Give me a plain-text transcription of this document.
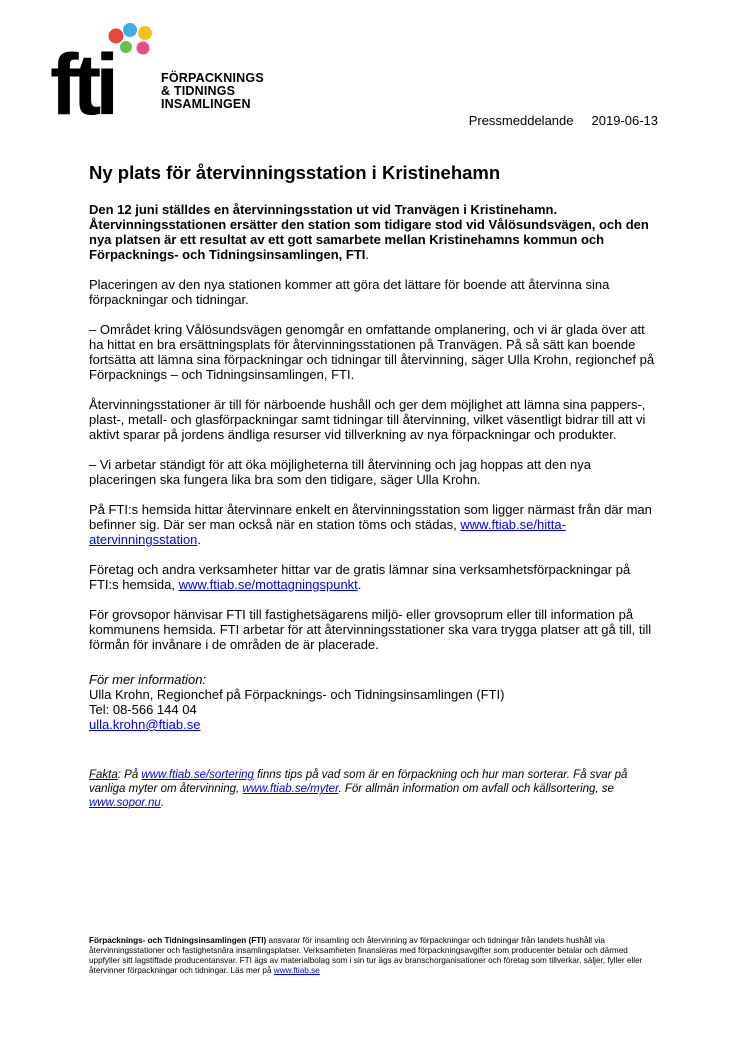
fti	FÖRPACKNINGS
& TIDNINGS
INSAMLINGEN
Pressmeddelande 2019-06-13
Ny plats för återvinningsstation i Kristinehamn

Den 12 juni ställdes en återvinningsstation ut vid Tranvägen i Kristinehamn. Återvinningsstationen ersätter den station som tidigare stod vid Vålösundsvägen, och den nya platsen är ett resultat av ett gott samarbete mellan Kristinehamns kommun och Förpacknings- och Tidningsinsamlingen, FTI.

Placeringen av den nya stationen kommer att göra det lättare för boende att återvinna sina förpackningar och tidningar.

– Området kring Vålösundsvägen genomgår en omfattande omplanering, och vi är glada över att ha hittat en bra ersättningsplats för återvinningsstationen på Tranvägen. På så sätt kan boende fortsätta att lämna sina förpackningar och tidningar till återvinning, säger Ulla Krohn, regionchef på Förpacknings – och Tidningsinsamlingen, FTI.

Återvinningsstationer är till för närboende hushåll och ger dem möjlighet att lämna sina pappers-, plast-, metall- och glasförpackningar samt tidningar till återvinning, vilket väsentligt bidrar till att vi aktivt sparar på jordens ändliga resurser vid tillverkning av nya förpackningar och produkter.

– Vi arbetar ständigt för att öka möjligheterna till återvinning och jag hoppas att den nya placeringen ska fungera lika bra som den tidigare, säger Ulla Krohn.

På FTI:s hemsida hittar återvinnare enkelt en återvinningsstation som ligger närmast från där man befinner sig. Där ser man också när en station töms och städas, www.ftiab.se/hitta-atervinningsstation.

Företag och andra verksamheter hittar var de gratis lämnar sina verksamhetsförpackningar på FTI:s hemsida, www.ftiab.se/mottagningspunkt.

För grovsopor hänvisar FTI till fastighetsägarens miljö- eller grovsoprum eller till information på kommunens hemsida. FTI arbetar för att återvinningsstationer ska vara trygga platser att gå till, till förmån för invånare i de områden de är placerade.

För mer information:
Ulla Krohn, Regionchef på Förpacknings- och Tidningsinsamlingen (FTI)
Tel: 08-566 144 04
ulla.krohn@ftiab.se
Fakta: På www.ftiab.se/sortering finns tips på vad som är en förpackning och hur man sorterar. Få svar på vanliga myter om återvinning, www.ftiab.se/myter. För allmän information om avfall och källsortering, se www.sopor.nu.
Förpacknings- och Tidningsinsamlingen (FTI) ansvarar för insamling och återvinning av förpackningar och tidningar från landets hushåll via återvinningsstationer och fastighetsnära insamlingsplatser. Verksamheten finansieras med förpackningsavgifter som producenter betalar och därmed uppfyller sitt lagstiftade producentansvar. FTI ägs av materialbolag som i sin tur ägs av branschorganisationer och företag som tillverkar, säljer, fyller eller återvinner förpackningar och tidningar. Läs mer på www.ftiab.se
